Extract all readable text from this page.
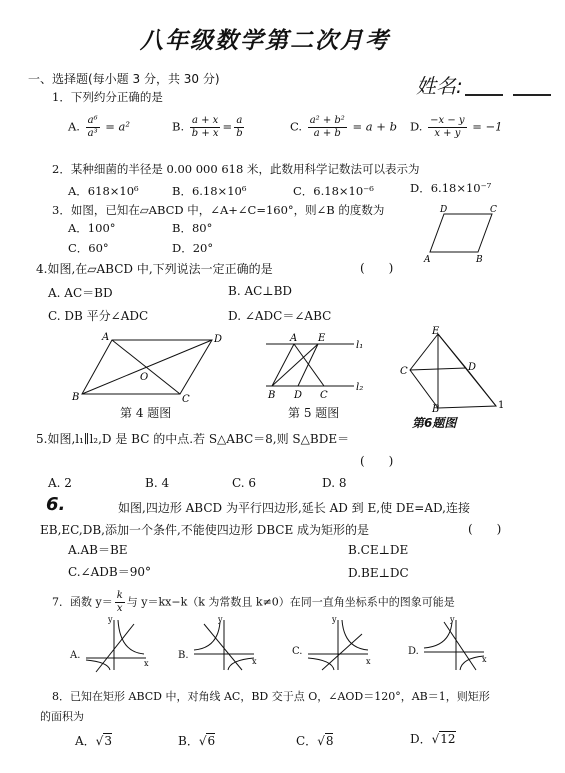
八年级数学第二次月考
姓名:
一、选择题(每小题 3 分，共 30 分)
1．下列约分正确的是
A. $\frac{\text{a⁶}}{\text{a³}} = a^2$	B. $\frac{a + x}{b + x} = \frac{a}{b}$	C. $\frac{\text{a² + b²}}{a + b} = a + b$ D. $\frac{-x - y}{x + y} = -1$
2．某种细菌的半径是 0.00 000 618 米，此数用科学记数法可以表示为
A．618×10⁶	B．6.18×10⁶	C．6.18×10⁻⁶	D．6.18×10⁻⁷
3．如图，已知在▱ABCD 中，∠A+∠C=160°，则∠B 的度数为
A．100°	B．80°
C．60°	D．20°
D	C
A	B
4.如图,在▱ABCD 中,下列说法一定正确的是	(　　)
A. AC＝BD	B. AC⊥BD
C. DB 平分∠ADC	D. ∠ADC＝∠ABC
A	D
B	C
O
第 4 题图
A E
l₁
l₂
B D C
第 5 题图
E
C	D
B	1
第6题图
5.如图,l₁∥l₂,D 是 BC 的中点.若 S△ABC＝8,则 S△BDE＝
(　　)
A. 2	B. 4	C. 6	D. 8
6.	如图,四边形 ABCD 为平行四边形,延长 AD 到 E,使 DE=AD,连接
EB,EC,DB,添加一个条件,不能使四边形 DBCE 成为矩形的是	(　　)
A.AB＝BE	B.CE⊥DE
C.∠ADB＝90°	D.BE⊥DC
7．函数 $y= \frac{k}{x}$ 与 y＝kx−k（k 为常数且 k≠0）在同一直角坐标系中的图象可能是
A.
x
y
B.
x
y
C.
x
y
D.
x
y
8．已知在矩形 ABCD 中，对角线 AC，BD 交于点 O，∠AOD＝120°，AB＝1，则矩形
的面积为
A．√3	B．√6	C．√8	D．√12
